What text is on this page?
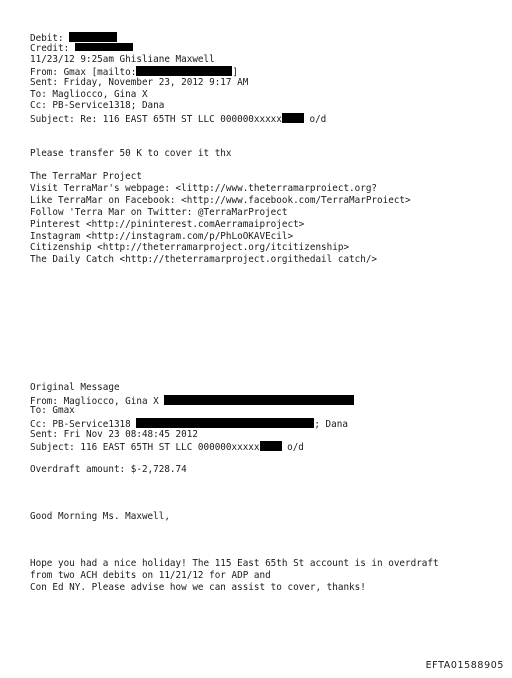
Debit:
Credit:
11/23/12 9:25am Ghisliane Maxwell
From: Gmax [mailto:	]
Sent: Friday, November 23, 2012 9:17 AM
To: Magliocco, Gina X
Cc: PB-Service1318; Dana
Subject: Re: 116 EAST 65TH ST LLC 000000xxxxx	o/d
Please transfer 50 K to cover it thx
The TerraMar Project
Visit TerraMar's webpage: <littp://www.theterramarproiect.org?
Like TerraMar on Facebook: <http://www.facebook.com/TerraMarProiect>
Follow 'Terra Mar on Twitter: @TerraMarProject
Pinterest <http://pininterest.comAerramaiproject>
Instagram <http://instagram.com/p/PhLoOKAVEcil>
Citizenship <http://theterramarproject.org/itcitizenship>
The Daily Catch <http://theterramarproject.orgithedail catch/>
Original Message
From: Magliocco, Gina X
To: Gmax
Cc: PB-Service1318	; Dana
Sent: Fri Nov 23 08:48:45 2012
Subject: 116 EAST 65TH ST LLC 000000xxxxx	o/d
Overdraft amount: $-2,728.74
Good Morning Ms. Maxwell,
Hope you had a nice holiday! The 115 East 65th St account is in overdraft
from two ACH debits on 11/21/12 for ADP and
Con Ed NY. Please advise how we can assist to cover, thanks!
EFTA01588905
